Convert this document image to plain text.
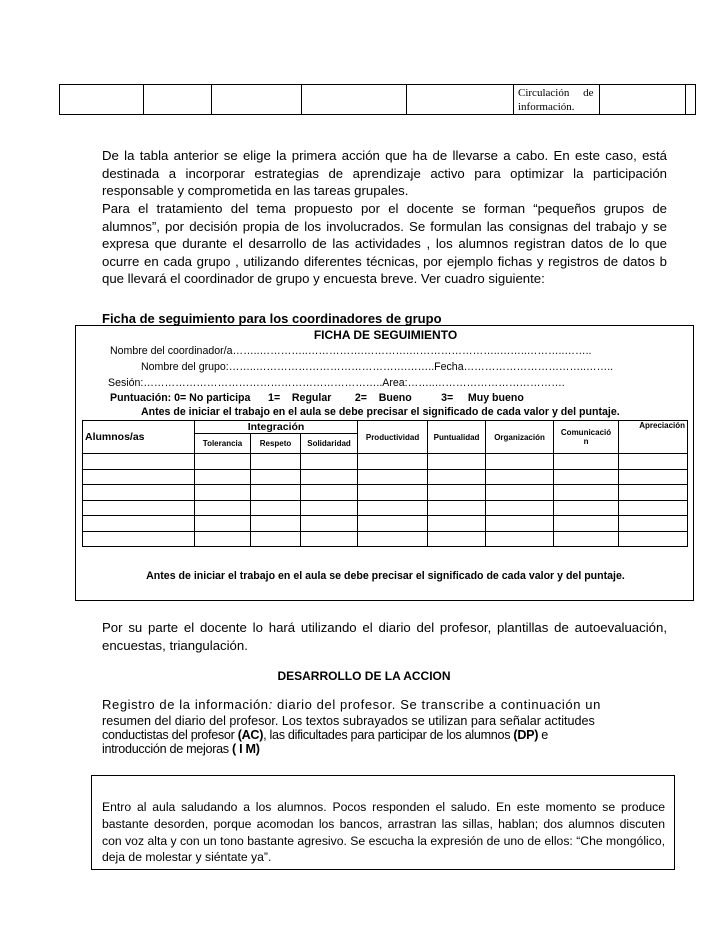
Circulación     de
información.

De la tabla anterior se elige la primera acción que ha de llevarse a cabo. En este caso, está destinada a incorporar estrategias de aprendizaje activo para optimizar la participación responsable y comprometida en las tareas grupales.

Para el tratamiento del tema propuesto por el docente se forman “pequeños grupos de alumnos”, por decisión propia de los involucrados. Se formulan las consignas del trabajo y se expresa que durante el desarrollo de las actividades , los alumnos registran datos de lo que ocurre en cada grupo , utilizando diferentes técnicas, por ejemplo fichas y registros de datos b que llevará el coordinador de grupo y encuesta breve. Ver cuadro siguiente:

Ficha de seguimiento para los coordinadores de grupo
FICHA DE SEGUIMIENTO
Nombre del coordinador/a……..…………..…………….………….……………………..……..………..……..
Nombre del grupo:……..…………………………………….……..Fecha……………………………..……..
Sesión:…………………………………………………………..Area:……..……………………………….
Puntuación: 0= No participa      1=    Regular        2=    Bueno          3=     Muy bueno
Antes de iniciar el trabajo en el aula se debe precisar el significado de cada valor y del puntaje.
Alumnos/as	Integración			Productividad	Puntualidad	Organización	Comunicació n	Apreciación
	Tolerancia	Respeto	Solidaridad					

Antes de iniciar el trabajo en el aula se debe precisar el significado de cada valor y del puntaje.

Por su parte el docente lo hará utilizando el diario del profesor, plantillas de autoevaluación, encuestas, triangulación.

DESARROLLO DE LA ACCION
Registro de la información: diario del profesor. Se transcribe a continuación un
resumen del diario del profesor. Los textos subrayados se utilizan para señalar actitudes
conductistas del profesor (AC), las dificultades para participar de los alumnos (DP) e
introducción de mejoras ( I M)

Entro al aula saludando a los alumnos. Pocos responden el saludo. En este momento se produce bastante desorden, porque acomodan los bancos, arrastran las sillas, hablan; dos alumnos discuten con voz alta y con un tono bastante agresivo. Se escucha la expresión de uno de ellos: “Che mongólico, deja de molestar y siéntate ya”.
